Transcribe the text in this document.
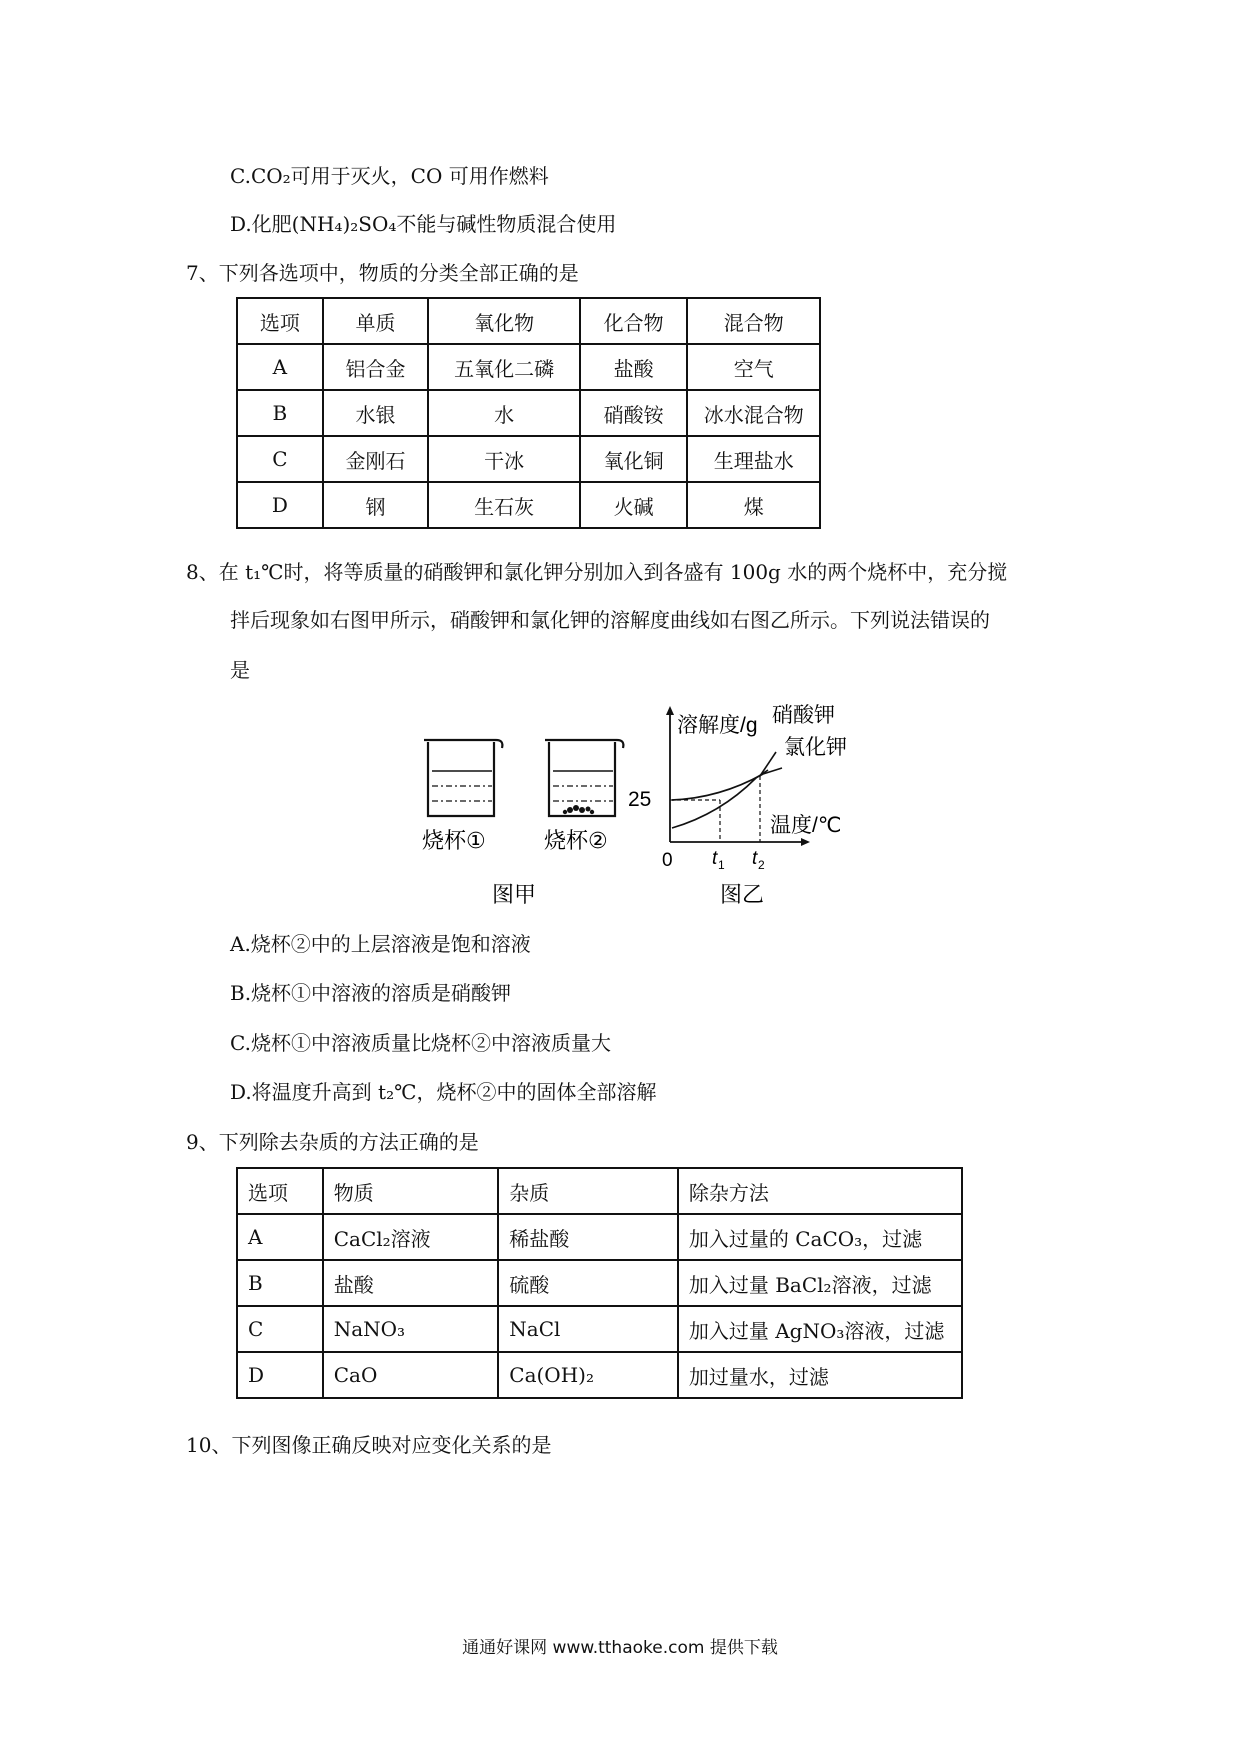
C.CO₂可用于灭火，CO 可用作燃料
D.化肥(NH₄)₂SO₄不能与碱性物质混合使用
7、下列各选项中，物质的分类全部正确的是
选项	单质	氧化物	化合物	混合物
A	铝合金	五氧化二磷	盐酸	空气
B	水银	水	硝酸铵	冰水混合物
C	金刚石	干冰	氧化铜	生理盐水
D	钢	生石灰	火碱	煤
8、在 t₁℃时，将等质量的硝酸钾和氯化钾分别加入到各盛有 100g 水的两个烧杯中，充分搅
拌后现象如右图甲所示，硝酸钾和氯化钾的溶解度曲线如右图乙所示。下列说法错误的
是
烧杯①	烧杯②
图甲
溶解度/g 硝酸钾
氯化钾
25
温度/℃
0 t 1 t 2
图乙
A.烧杯②中的上层溶液是饱和溶液
B.烧杯①中溶液的溶质是硝酸钾
C.烧杯①中溶液质量比烧杯②中溶液质量大
D.将温度升高到 t₂℃，烧杯②中的固体全部溶解
9、下列除去杂质的方法正确的是
选项	物质	杂质	除杂方法
A	CaCl₂溶液	稀盐酸	加入过量的 CaCO₃，过滤
B	盐酸	硫酸	加入过量 BaCl₂溶液，过滤
C	NaNO₃	NaCl	加入过量 AgNO₃溶液，过滤
D	CaO	Ca(OH)₂	加过量水，过滤
10、下列图像正确反映对应变化关系的是
通通好课网 www.tthaoke.com 提供下载
